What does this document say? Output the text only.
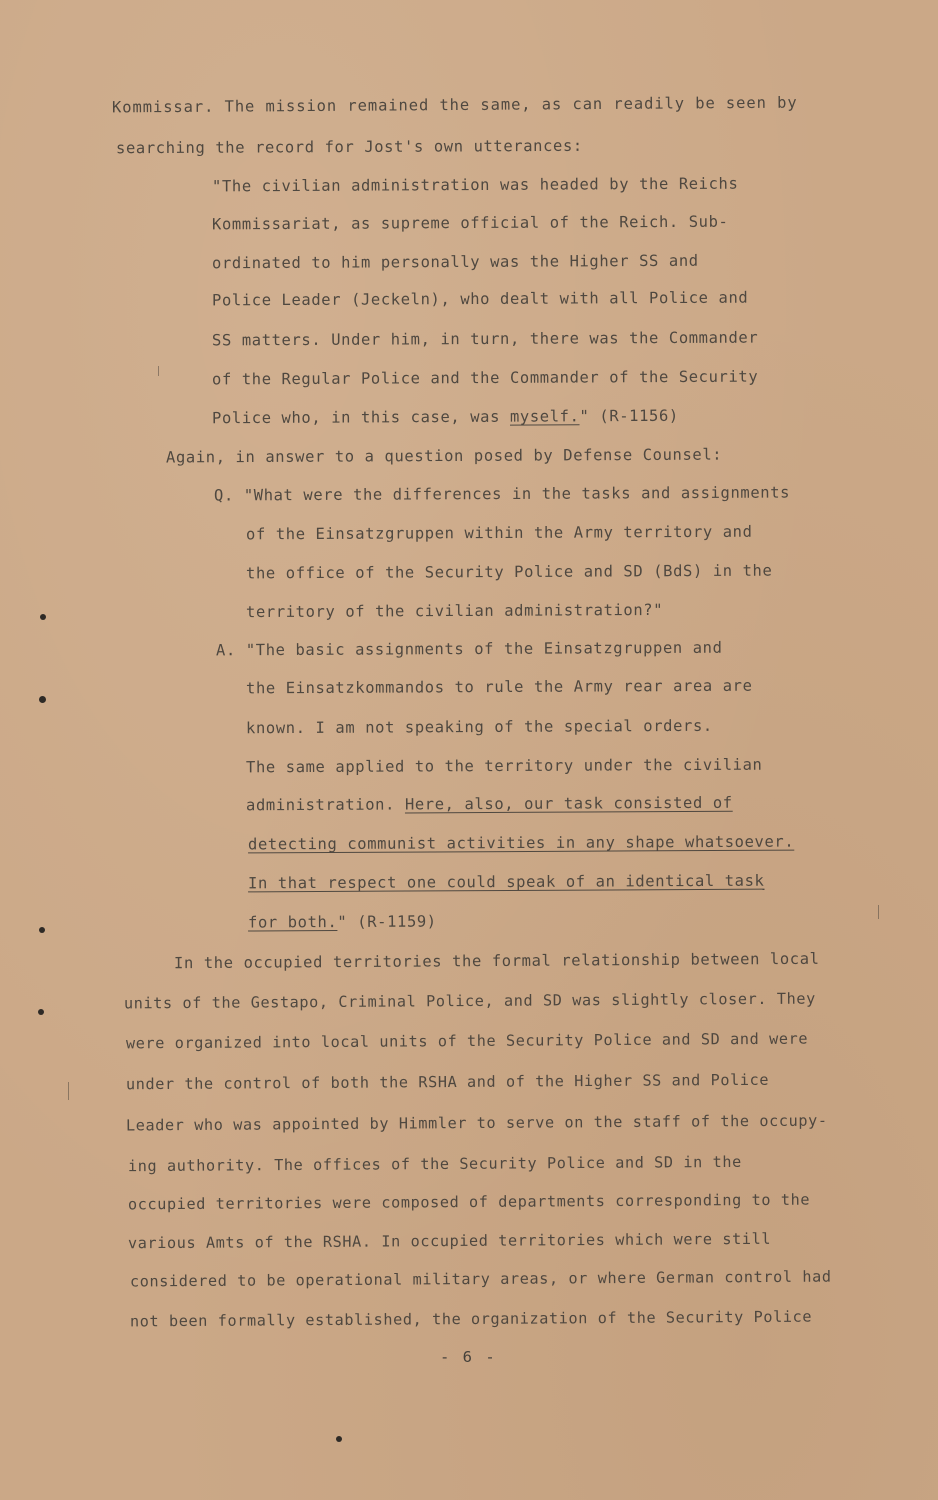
Kommissar. The mission remained the same, as can readily be seen by
searching the record for Jost's own utterances:
"The civilian administration was headed by the Reichs
Kommissariat, as supreme official of the Reich. Sub-
ordinated to him personally was the Higher SS and
Police Leader (Jeckeln), who dealt with all Police and
SS matters. Under him, in turn, there was the Commander
of the Regular Police and the Commander of the Security
Police who, in this case, was myself." (R-1156)
Again, in answer to a question posed by Defense Counsel:
Q. "What were the differences in the tasks and assignments
of the Einsatzgruppen within the Army territory and
the office of the Security Police and SD (BdS) in the
territory of the civilian administration?"
A. "The basic assignments of the Einsatzgruppen and
the Einsatzkommandos to rule the Army rear area are
known. I am not speaking of the special orders.
The same applied to the territory under the civilian
administration. Here, also, our task consisted of
detecting communist activities in any shape whatsoever.
In that respect one could speak of an identical task
for both." (R-1159)
In the occupied territories the formal relationship between local
units of the Gestapo, Criminal Police, and SD was slightly closer. They
were organized into local units of the Security Police and SD and were
under the control of both the RSHA and of the Higher SS and Police
Leader who was appointed by Himmler to serve on the staff of the occupy-
ing authority. The offices of the Security Police and SD in the
occupied territories were composed of departments corresponding to the
various Amts of the RSHA. In occupied territories which were still
considered to be operational military areas, or where German control had
not been formally established, the organization of the Security Police
- 6 -
